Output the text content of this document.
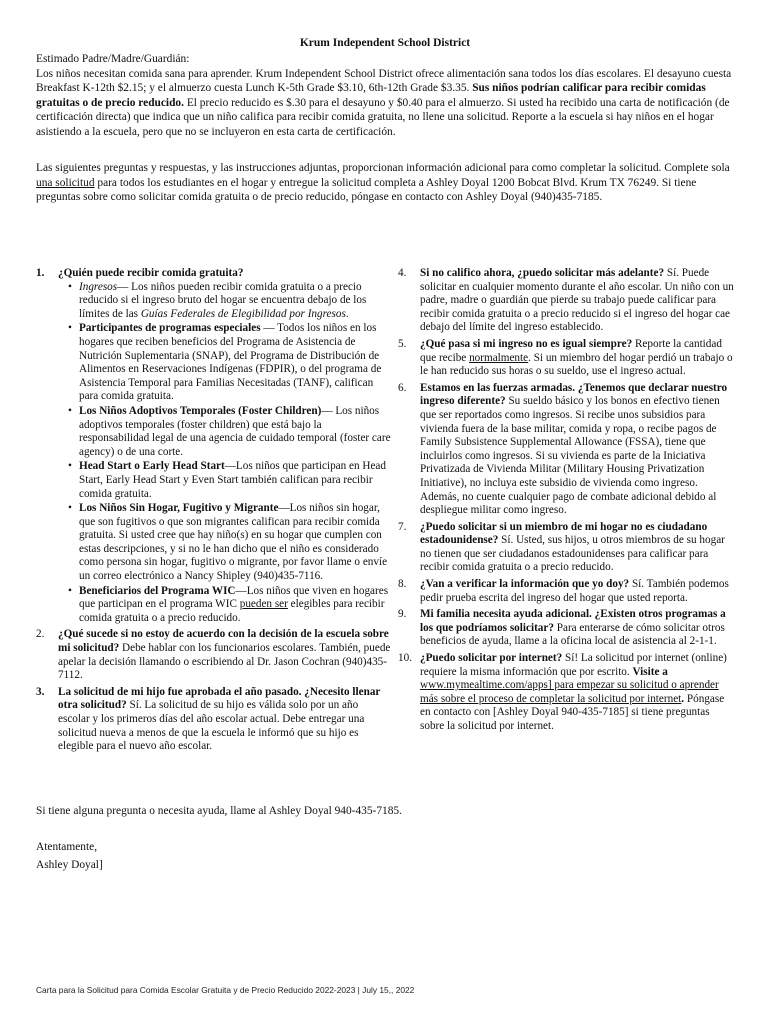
Krum Independent School District

Estimado Padre/Madre/Guardián:

Los niños necesitan comida sana para aprender. Krum Independent School District ofrece alimentación sana todos los días escolares. El desayuno cuesta Breakfast K-12th $2.15; y el almuerzo cuesta Lunch K-5th Grade $3.10, 6th-12th Grade $3.35. Sus niños podrían calificar para recibir comidas gratuitas o de precio reducido. El precio reducido es $.30 para el desayuno y $0.40 para el almuerzo. Si usted ha recibido una carta de notificación (de certificación directa) que indica que un niño califica para recibir comida gratuita, no llene una solicitud. Reporte a la escuela si hay niños en el hogar asistiendo a la escuela, pero que no se incluyeron en esta carta de certificación.

Las siguientes preguntas y respuestas, y las instrucciones adjuntas, proporcionan información adicional para como completar la solicitud. Complete sola una solicitud para todos los estudiantes en el hogar y entregue la solicitud completa a Ashley Doyal 1200 Bobcat Blvd. Krum TX 76249. Si tiene preguntas sobre como solicitar comida gratuita o de precio reducido, póngase en contacto con Ashley Doyal (940)435-7185.

1. ¿Quién puede recibir comida gratuita?
• Ingresos— Los niños pueden recibir comida gratuita o a precio reducido si el ingreso bruto del hogar se encuentra debajo de los límites de las Guías Federales de Elegibilidad por Ingresos.
• Participantes de programas especiales — Todos los niños en los hogares que reciben beneficios del Programa de Asistencia de Nutrición Suplementaria (SNAP), del Programa de Distribución de Alimentos en Reservaciones Indígenas (FDPIR), o del programa de Asistencia Temporal para Familias Necesitadas (TANF), califican para comida gratuita.
• Los Niños Adoptivos Temporales (Foster Children)— Los niños adoptivos temporales (foster children) que está bajo la responsabilidad legal de una agencia de cuidado temporal (foster care agency) o de una corte.
• Head Start o Early Head Start—Los niños que participan en Head Start, Early Head Start y Even Start también califican para recibir comida gratuita.
• Los Niños Sin Hogar, Fugitivo y Migrante—Los niños sin hogar, que son fugitivos o que son migrantes califican para recibir comida gratuita. Si usted cree que hay niño(s) en su hogar que cumplen con estas descripciones, y si no le han dicho que el niño es considerado como persona sin hogar, fugitivo o migrante, por favor llame o envíe un correo electrónico a Nancy Shipley (940)435-7116.
• Beneficiarios del Programa WIC—Los niños que viven en hogares que participan en el programa WIC pueden ser elegibles para recibir comida gratuita o a precio reducido.
2. ¿Qué sucede si no estoy de acuerdo con la decisión de la escuela sobre mi solicitud? Debe hablar con los funcionarios escolares. También, puede apelar la decisión llamando o escribiendo al Dr. Jason Cochran (940)435-7112.
3. La solicitud de mi hijo fue aprobada el año pasado. ¿Necesito llenar otra solicitud? Sí. La solicitud de su hijo es válida solo por un año escolar y los primeros días del año escolar actual. Debe entregar una solicitud nueva a menos de que la escuela le informó que su hijo es elegible para el nuevo año escolar.
4. Si no califico ahora, ¿puedo solicitar más adelante? Sí. Puede solicitar en cualquier momento durante el año escolar. Un niño con un padre, madre o guardián que pierde su trabajo puede calificar para recibir comida gratuita o a precio reducido si el ingreso del hogar cae debajo del límite del ingreso establecido.
5. ¿Qué pasa si mi ingreso no es igual siempre? Reporte la cantidad que recibe normalmente. Si un miembro del hogar perdió un trabajo o le han reducido sus horas o su sueldo, use el ingreso actual.
6. Estamos en las fuerzas armadas. ¿Tenemos que declarar nuestro ingreso diferente? Su sueldo básico y los bonos en efectivo tienen que ser reportados como ingresos. Si recibe unos subsidios para vivienda fuera de la base militar, comida y ropa, o recibe pagos de Family Subsistence Supplemental Allowance (FSSA), tiene que incluirlos como ingresos. Si su vivienda es parte de la Iniciativa Privatizada de Vivienda Militar (Military Housing Privatization Initiative), no incluya este subsidio de vivienda como ingreso. Además, no cuente cualquier pago de combate adicional debido al despliegue militar como ingreso.
7. ¿Puedo solicitar si un miembro de mi hogar no es ciudadano estadounidense? Sí. Usted, sus hijos, u otros miembros de su hogar no tienen que ser ciudadanos estadounidenses para calificar para recibir comida gratuita o a precio reducido.
8. ¿Van a verificar la información que yo doy? Sí. También podemos pedir prueba escrita del ingreso del hogar que usted reporta.
9. Mi familia necesita ayuda adicional. ¿Existen otros programas a los que podríamos solicitar? Para enterarse de cómo solicitar otros beneficios de ayuda, llame a la oficina local de asistencia al 2-1-1.
10. ¿Puedo solicitar por internet? Sí! La solicitud por internet (online) requiere la misma información que por escrito. Visite a www.mymealtime.com/apps] para empezar su solicitud o aprender más sobre el proceso de completar la solicitud por internet. Póngase en contacto con [Ashley Doyal 940-435-7185] si tiene preguntas sobre la solicitud por internet.
Si tiene alguna pregunta o necesita ayuda, llame al Ashley Doyal 940-435-7185.
Atentamente,
Ashley Doyal]
Carta para la Solicitud para Comida Escolar Gratuita y de Precio Reducido 2022-2023 | July 15,, 2022
